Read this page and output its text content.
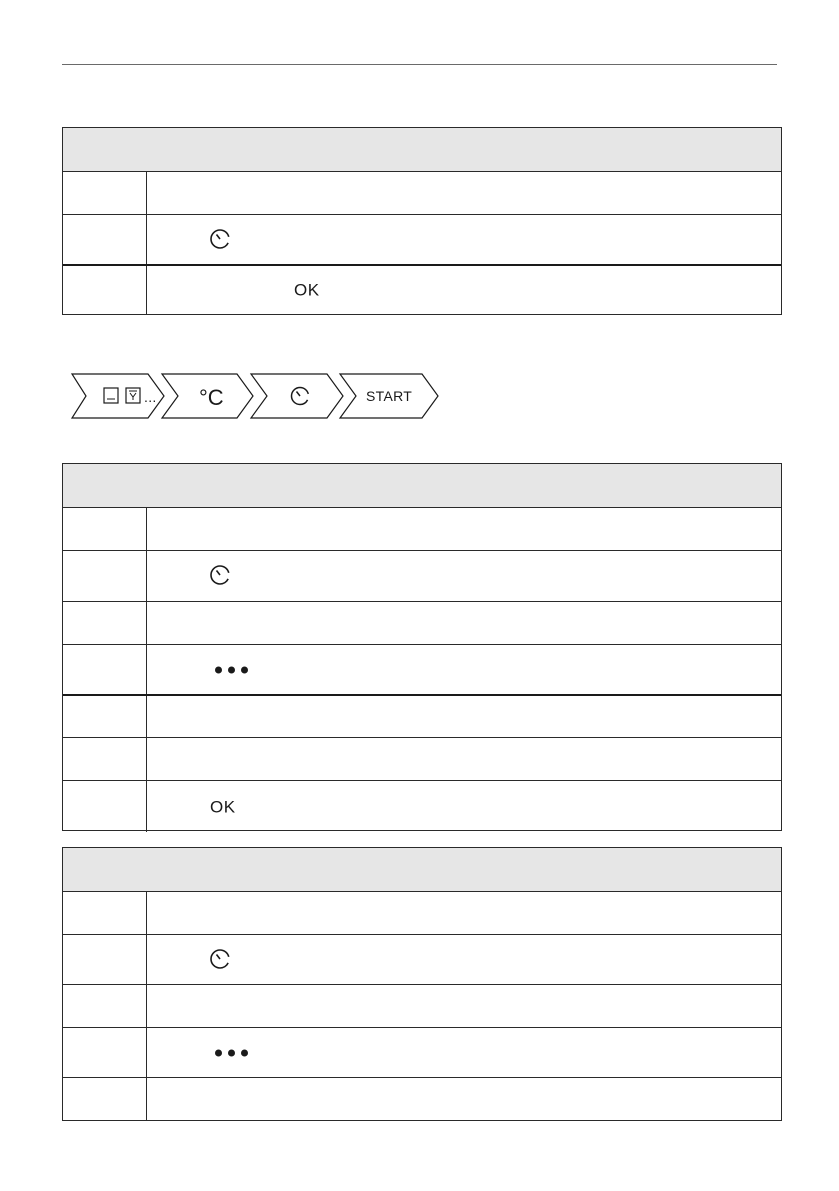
OK
... °C	START
OK
